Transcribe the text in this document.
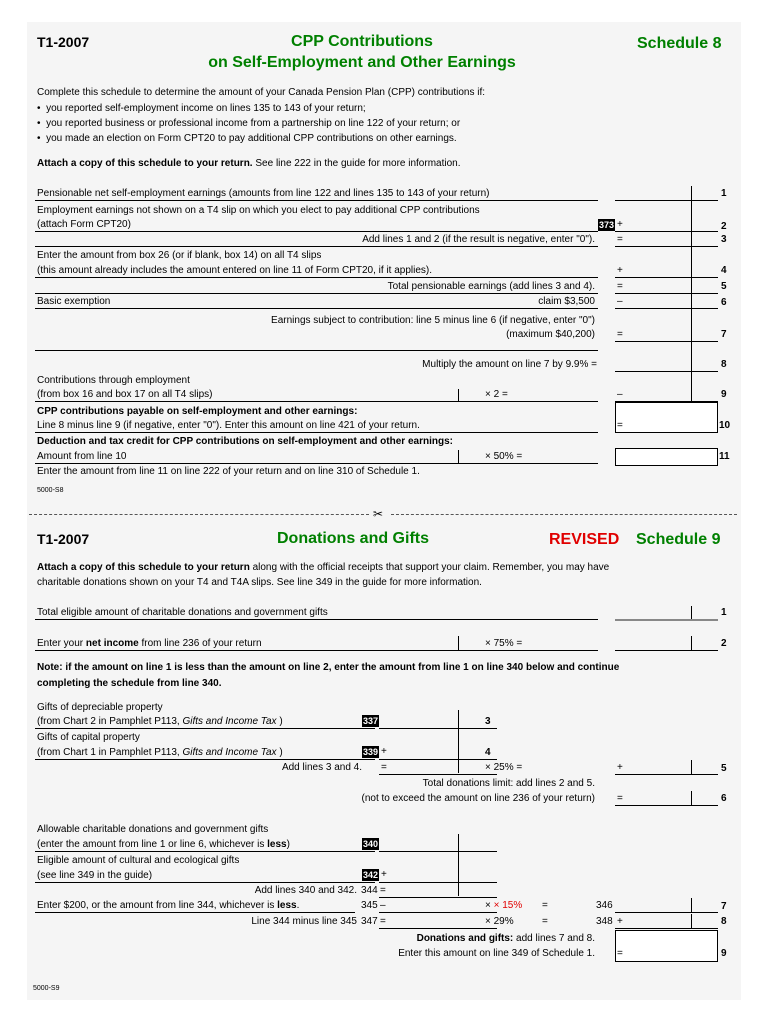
T1-2007	CPP Contributions
on Self-Employment and Other Earnings
Schedule 8
Complete this schedule to determine the amount of your Canada Pension Plan (CPP) contributions if:
•  you reported self-employment income on lines 135 to 143 of your return;
•  you reported business or professional income from a partnership on line 122 of your return; or
•  you made an election on Form CPT20 to pay additional CPP contributions on other earnings.
Attach a copy of this schedule to your return. See line 222 in the guide for more information.
Pensionable net self-employment earnings (amounts from line 122 and lines 135 to 143 of your return)	1
Employment earnings not shown on a T4 slip on which you elect to pay additional CPP contributions
(attach Form CPT20)	373 +	2
Add lines 1 and 2 (if the result is negative, enter "0"). =	3
Enter the amount from box 26 (or if blank, box 14) on all T4 slips
(this amount already includes the amount entered on line 11 of Form CPT20, if it applies).	+	4
Total pensionable earnings (add lines 3 and 4). =	5
Basic exemption	claim $3,500 –	6
Earnings subject to contribution: line 5 minus line 6 (if negative, enter "0")
(maximum $40,200) =	7
Multiply the amount on line 7 by 9.9% =	8
Contributions through employment
(from box 16 and box 17 on all T4 slips)	× 2 =	–	9
CPP contributions payable on self-employment and other earnings:
Line 8 minus line 9 (if negative, enter "0"). Enter this amount on line 421 of your return.	=	10
Deduction and tax credit for CPP contributions on self-employment and other earnings:
Amount from line 10	× 50% =	11
Enter the amount from line 11 on line 222 of your return and on line 310 of Schedule 1.
5000-S8
✂
T1-2007	Donations and Gifts	REVISED Schedule 9
Attach a copy of this schedule to your return along with the official receipts that support your claim. Remember, you may have
charitable donations shown on your T4 and T4A slips. See line 349 in the guide for more information.
Total eligible amount of charitable donations and government gifts	1
Enter your net income from line 236 of your return	× 75% =	2
Note: if the amount on line 1 is less than the amount on line 2, enter the amount from line 1 on line 340 below and continue
completing the schedule from line 340.
Gifts of depreciable property
(from Chart 2 in Pamphlet P113, Gifts and Income Tax )	337	3
Gifts of capital property
(from Chart 1 in Pamphlet P113, Gifts and Income Tax )	339 +	4
Add lines 3 and 4. =	× 25% =	+	5
Total donations limit: add lines 2 and 5.
(not to exceed the amount on line 236 of your return) =	6
Allowable charitable donations and government gifts
(enter the amount from line 1 or line 6, whichever is less)	340
Eligible amount of cultural and ecological gifts
(see line 349 in the guide)	342 +
Add lines 340 and 342. 344 =
Enter $200, or the amount from line 344, whichever is less.	345 –	× × 15% =	346	7
Line 344 minus line 345 347 =	× 29%	=	348 +	8
Donations and gifts: add lines 7 and 8.
Enter this amount on line 349 of Schedule 1. =	9
5000-S9
